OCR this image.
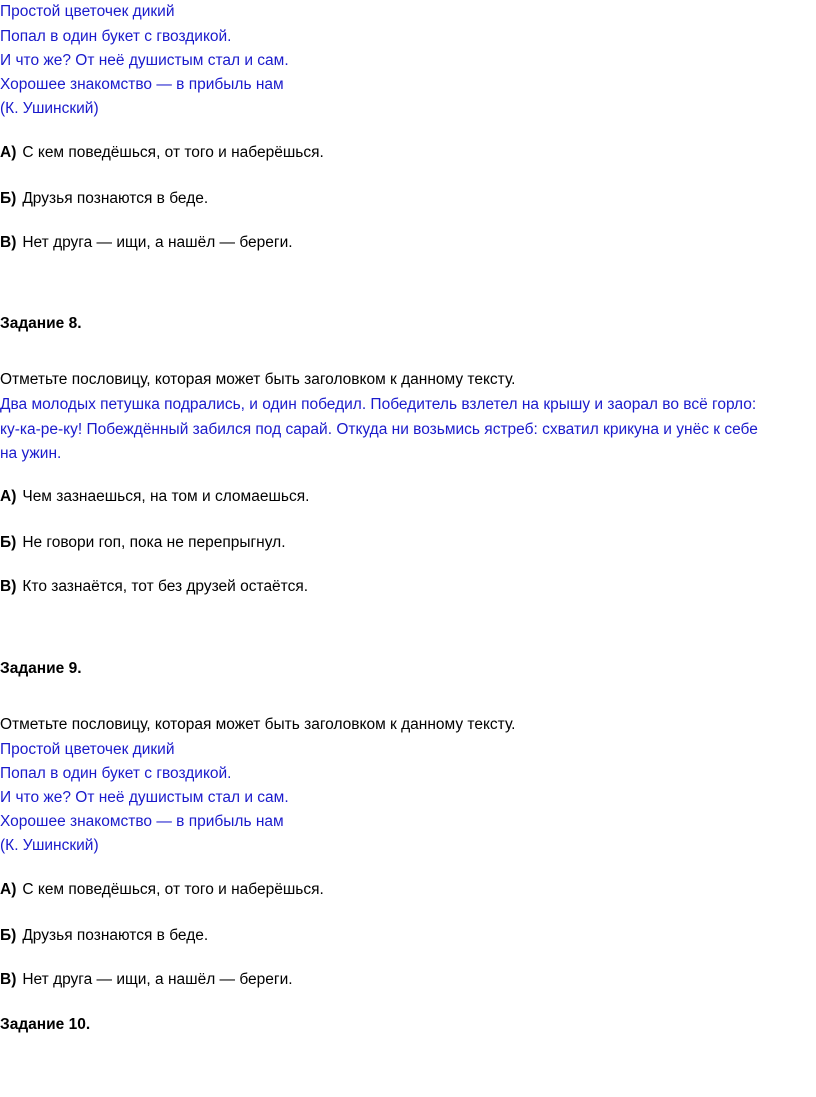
Простой цветочек дикий
Попал в один букет с гвоздикой.
И что же? От неё душистым стал и сам.
Хорошее знакомство — в прибыль нам
(К. Ушинский)
А) С кем поведёшься, от того и наберёшься.
Б) Друзья познаются в беде.
В) Нет друга — ищи, а нашёл — береги.
Задание 8.
Отметьте пословицу, которая может быть заголовком к данному тексту.
Два молодых петушка подрались, и один победил. Победитель взлетел на крышу и заорал во всё горло:
ку-ка-ре-ку! Побеждённый забился под сарай. Откуда ни возьмись ястреб: схватил крикуна и унёс к себе
на ужин.
А) Чем зазнаешься, на том и сломаешься.
Б) Не говори гоп, пока не перепрыгнул.
В) Кто зазнаётся, тот без друзей остаётся.
Задание 9.
Отметьте пословицу, которая может быть заголовком к данному тексту.
Простой цветочек дикий
Попал в один букет с гвоздикой.
И что же? От неё душистым стал и сам.
Хорошее знакомство — в прибыль нам
(К. Ушинский)
А) С кем поведёшься, от того и наберёшься.
Б) Друзья познаются в беде.
В) Нет друга — ищи, а нашёл — береги.
Задание 10.
